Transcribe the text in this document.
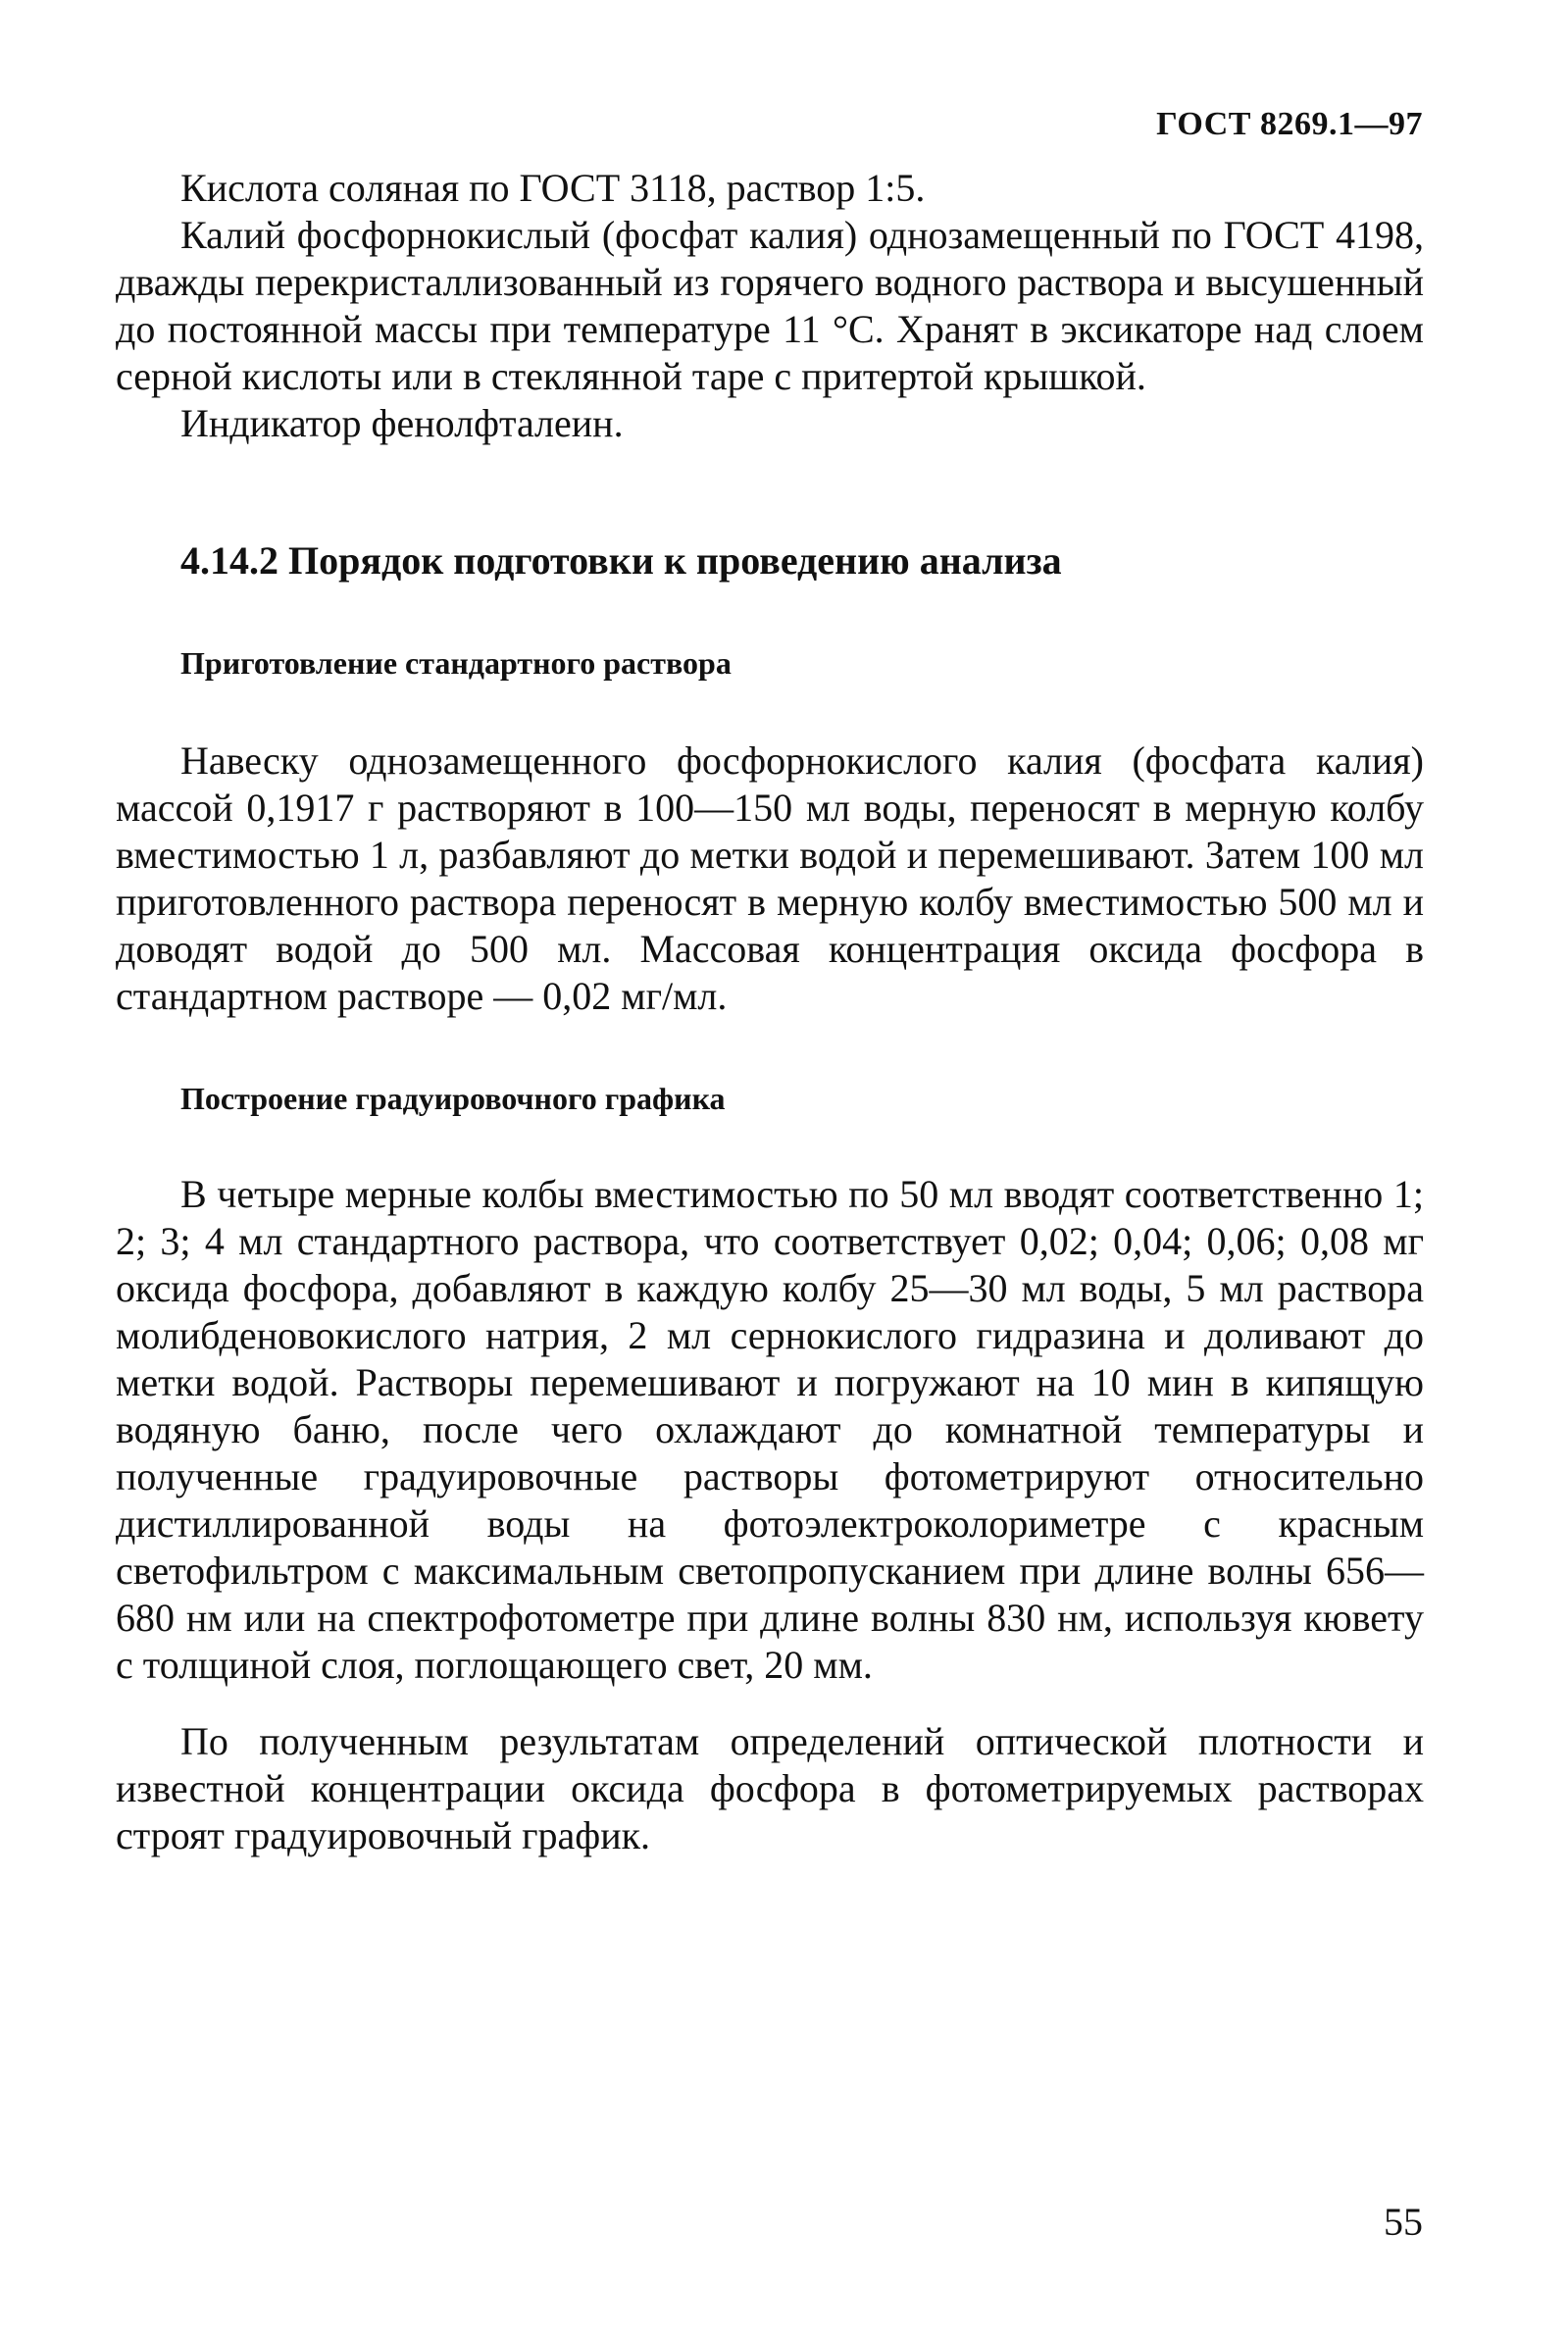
ГОСТ 8269.1—97

Кислота соляная по ГОСТ 3118, раствор 1:5.

Калий фосфорнокислый (фосфат калия) однозамещенный по ГОСТ 4198, дважды перекристаллизованный из горячего водного раствора и высушенный до постоянной массы при температуре 11 °С. Хранят в эксикаторе над слоем серной кислоты или в стеклянной таре с притертой крышкой.

Индикатор фенолфталеин.

4.14.2 Порядок подготовки к проведению анализа
Приготовление стандартного раствора

Навеску однозамещенного фосфорнокислого калия (фосфата калия) массой 0,1917 г растворяют в 100—150 мл воды, переносят в мерную колбу вместимостью 1 л, разбавляют до метки водой и перемешивают. Затем 100 мл приготовленного раствора переносят в мерную колбу вместимостью 500 мл и доводят водой до 500 мл. Массовая концентрация оксида фосфора в стандартном растворе — 0,02 мг/мл.

Построение градуировочного графика

В четыре мерные колбы вместимостью по 50 мл вводят соответственно 1; 2; 3; 4 мл стандартного раствора, что соответствует 0,02; 0,04; 0,06; 0,08 мг оксида фосфора, добавляют в каждую колбу 25—30 мл воды, 5 мл раствора молибденовокислого натрия, 2 мл сернокислого гидразина и доливают до метки водой. Растворы перемешивают и погружают на 10 мин в кипящую водяную баню, после чего охлаждают до комнатной температуры и полученные градуировочные растворы фотометрируют относительно дистиллированной воды на фотоэлектроколориметре с красным светофильтром с максимальным светопропусканием при длине волны 656—680 нм или на спектрофотометре при длине волны 830 нм, используя кювету с толщиной слоя, поглощающего свет, 20 мм.

По полученным результатам определений оптической плотности и известной концентрации оксида фосфора в фотометрируемых растворах строят градуировочный график.

55
